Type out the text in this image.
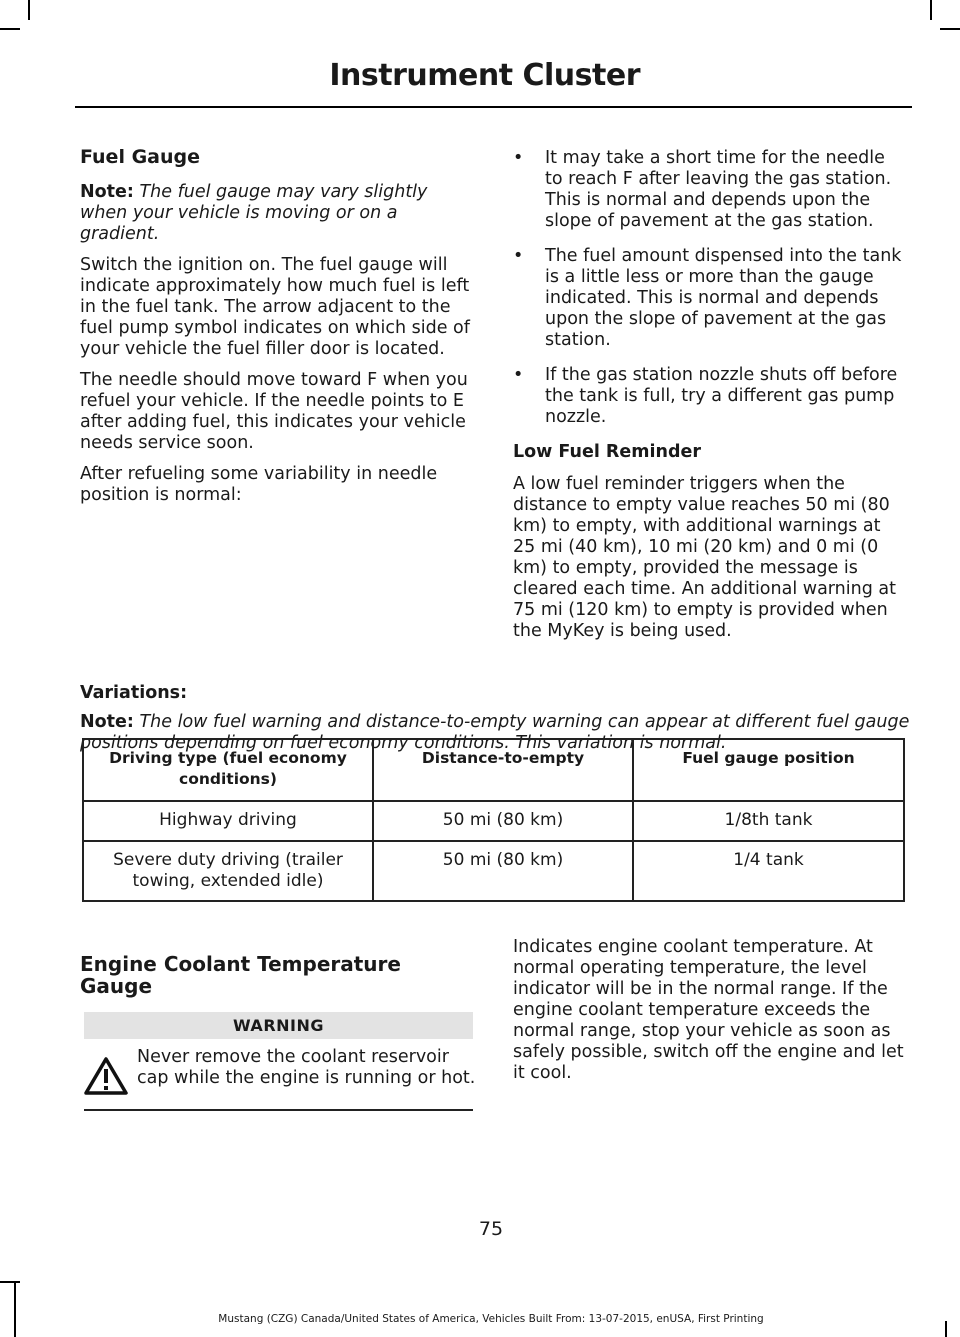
Instrument Cluster
Fuel Gauge

Note: The fuel gauge may vary slightly when your vehicle is moving or on a gradient.

Switch the ignition on. The fuel gauge will indicate approximately how much fuel is left in the fuel tank. The arrow adjacent to the fuel pump symbol indicates on which side of your vehicle the fuel filler door is located.

The needle should move toward F when you refuel your vehicle. If the needle points to E after adding fuel, this indicates your vehicle needs service soon.

After refueling some variability in needle position is normal:

• It may take a short time for the needle to reach F after leaving the gas station. This is normal and depends upon the slope of pavement at the gas station.
• The fuel amount dispensed into the tank is a little less or more than the gauge indicated. This is normal and depends upon the slope of pavement at the gas station.
• If the gas station nozzle shuts off before the tank is full, try a different gas pump nozzle.
Low Fuel Reminder

A low fuel reminder triggers when the distance to empty value reaches 50 mi (80 km) to empty, with additional warnings at 25 mi (40 km), 10 mi (20 km) and 0 mi (0 km) to empty, provided the message is cleared each time. An additional warning at 75 mi (120 km) to empty is provided when the MyKey is being used.

Variations:
Note: The low fuel warning and distance-to-empty warning can appear at different fuel gauge positions depending on fuel economy conditions. This variation is normal.
Driving type (fuel economy conditions)	Distance-to-empty	Fuel gauge position
Highway driving	50 mi (80 km)	1/8th tank
Severe duty driving (trailer towing, extended idle)	50 mi (80 km)	1/4 tank
Engine Coolant Temperature Gauge
WARNING
Never remove the coolant reservoir cap while the engine is running or hot.

Indicates engine coolant temperature. At normal operating temperature, the level indicator will be in the normal range. If the engine coolant temperature exceeds the normal range, stop your vehicle as soon as safely possible, switch off the engine and let it cool.

75
Mustang (CZG) Canada/United States of America, Vehicles Built From: 13-07-2015, enUSA, First Printing
